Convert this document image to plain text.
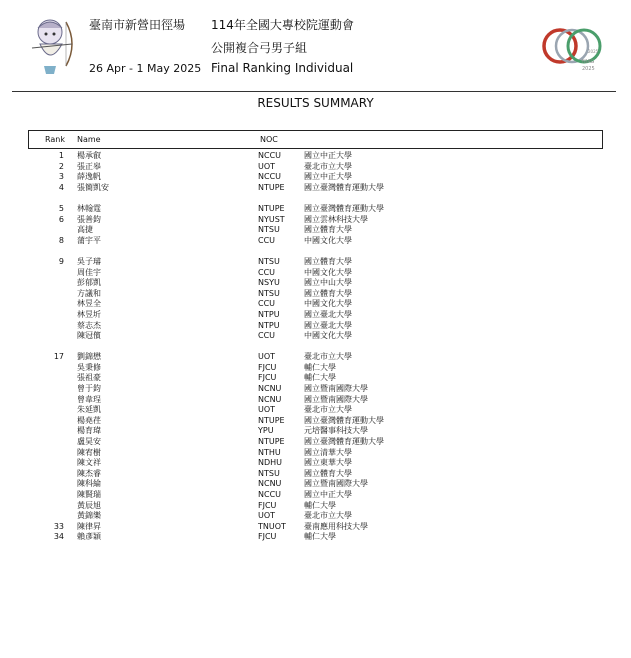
臺南市新營田徑場
26 Apr - 1 May 2025
114年全國大專校院運動會
公開複合弓男子組
Final Ranking Individual
2025
NIAG
2025
RESULTS SUMMARY
Rank Name	NOC
1 楊承叡	NCCU	國立中正大學
2 張正皋	UOT	臺北市立大學
3 薛逸帆	NCCU	國立中正大學
4 張簡凱安	NTUPE 國立臺灣體育運動大學
5 林翰霆	NTUPE 國立臺灣體育運動大學
6 張善鈞	NYUST 國立雲林科技大學
高捷	NTSU	國立體育大學
8 蒲宇平	CCU	中國文化大學
9 吳子璿	NTSU	國立體育大學
周佳宇	CCU	中國文化大學
彭郁凱	NSYU	國立中山大學
方議和	NTSU	國立體育大學
林昱全	CCU	中國文化大學
林昱圻	NTPU	國立臺北大學
蔡志杰	NTPU	國立臺北大學
陳冠儐	CCU	中國文化大學
17 劉錦懋	UOT	臺北市立大學
吳秉修	FJCU	輔仁大學
張祖豪	FJCU	輔仁大學
曾于鈞	NCNU	國立暨南國際大學
曾韋珵	NCNU	國立暨南國際大學
朱延凱	UOT	臺北市立大學
楊堯荏	NTUPE 國立臺灣體育運動大學
楊育瑋	YPU	元培醫事科技大學
盧昊安	NTUPE 國立臺灣體育運動大學
陳宥樹	NTHU	國立清華大學
陳文祥	NDHU	國立東華大學
陳杰睿	NTSU	國立體育大學
陳科綸	NCNU	國立暨南國際大學
陳賢瑞	NCCU	國立中正大學
黃辰旭	FJCU	輔仁大學
黃錦樂	UOT	臺北市立大學
33 陳律昇	TNUOT 臺南應用科技大學
34 賴彥穎	FJCU	輔仁大學
